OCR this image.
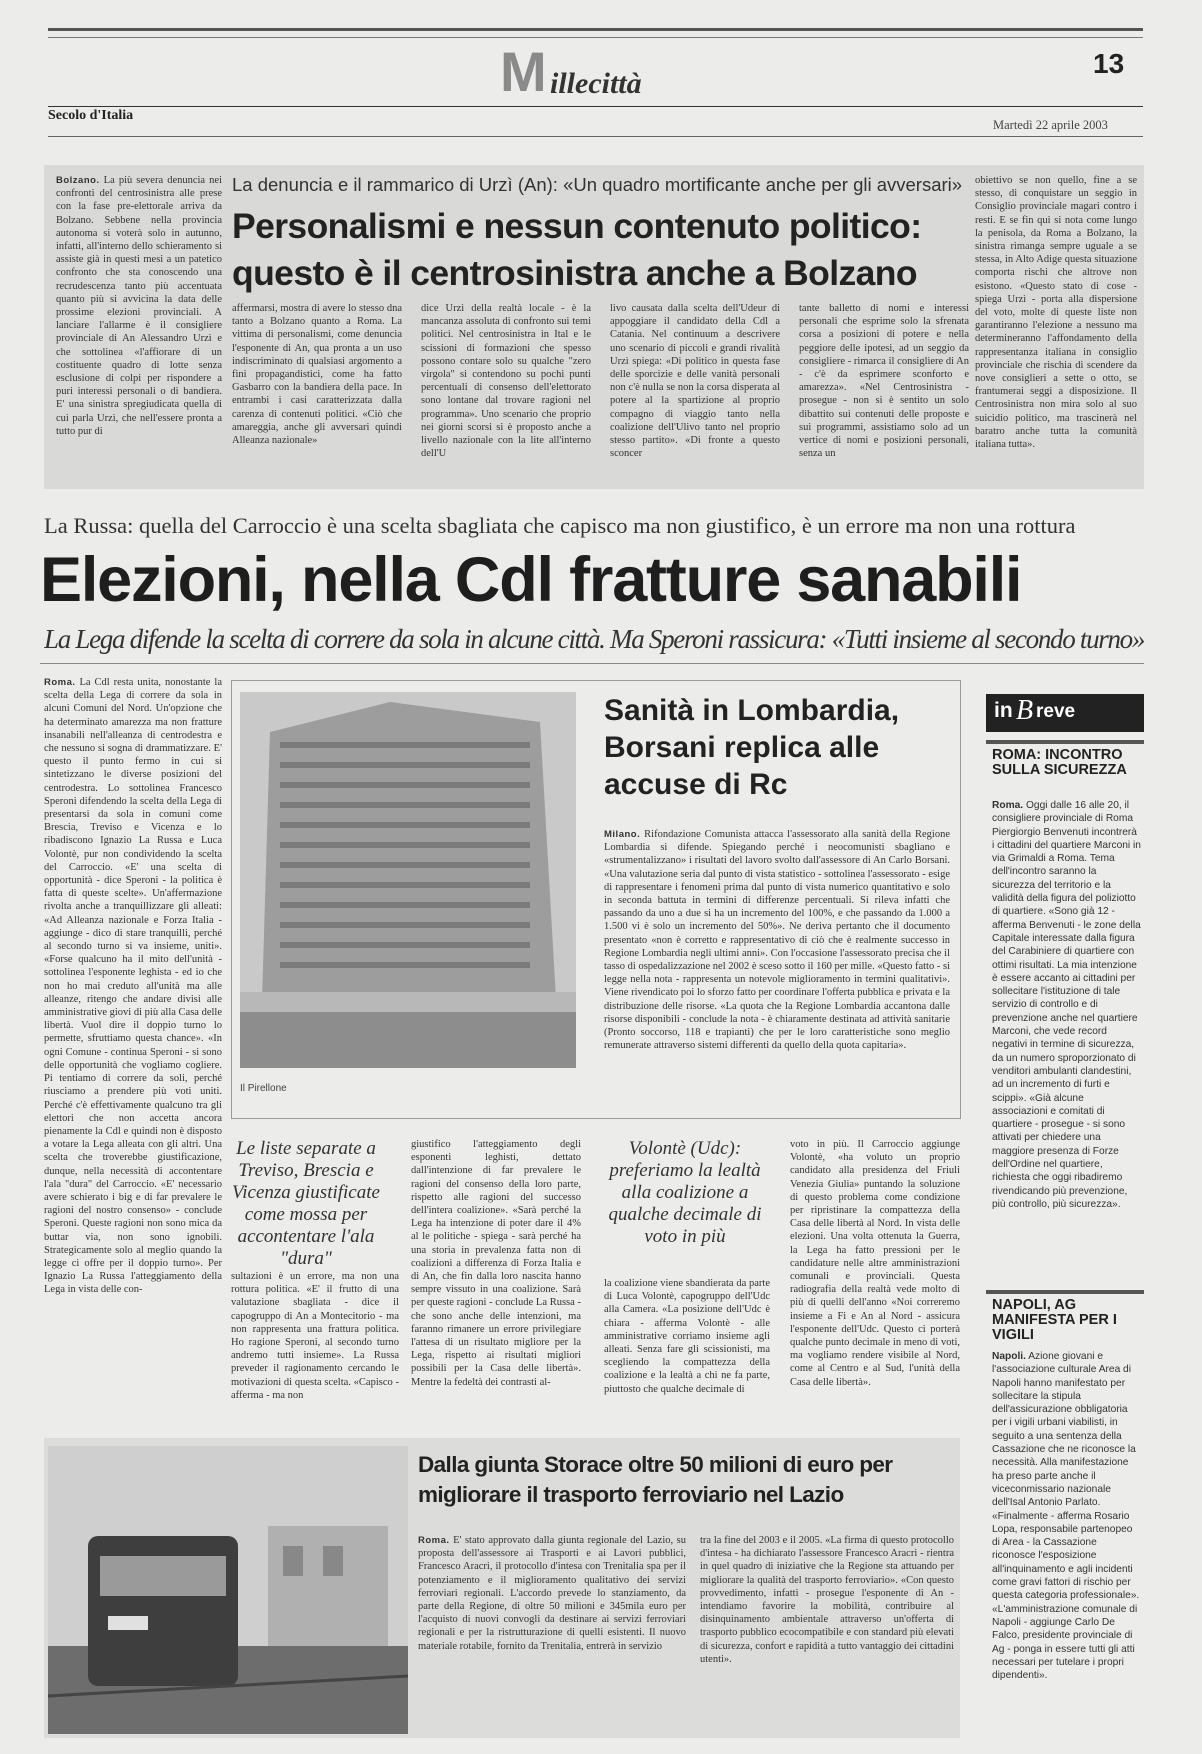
M illecittà
13
Secolo d'Italia
Martedì 22 aprile 2003
Bolzano. La più severa denuncia nei confronti del centrosinistra alle prese con la fase pre-elettorale arriva da Bolzano. Sebbene nella provincia autonoma si voterà solo in autunno, infatti, all'interno dello schieramento si assiste già in questi mesi a un patetico confronto che sta conoscendo una recrudescenza tanto più accentuata quanto più si avvicina la data delle prossime elezioni provinciali. A lanciare l'allarme è il consigliere provinciale di An Alessandro Urzì e che sottolinea «l'affiorare di un costituente quadro di lotte senza esclusione di colpi per rispondere a puri interessi personali o di bandiera. E' una sinistra spregiudicata quella di cui parla Urzì, che nell'essere pronta a tutto pur di
La denuncia e il rammarico di Urzì (An): «Un quadro mortificante anche per gli avversari»
Personalismi e nessun contenuto politico: questo è il centrosinistra anche a Bolzano
affermarsi, mostra di avere lo stesso dna tanto a Bolzano quanto a Roma. La vittima di personalismi, come denuncia l'esponente di An, qua pronta a un uso indiscriminato di qualsiasi argomento a fini propagandistici, come ha fatto Gasbarro con la bandiera della pace. In entrambi i casi caratterizzata dalla carenza di contenuti politici. «Ciò che amareggia, anche gli avversari quindi Alleanza nazionale»
dice Urzì della realtà locale - è la mancanza assoluta di confronto sui temi politici. Nel centrosinistra in Ital e le scissioni di formazioni che spesso possono contare solo su qualche "zero virgola" si contendono su pochi punti percentuali di consenso dell'elettorato sono lontane dal trovare ragioni nel programma». Uno scenario che proprio nei giorni scorsi si è proposto anche a livello nazionale con la lite all'interno dell'U
livo causata dalla scelta dell'Udeur di appoggiare il candidato della Cdl a Catania. Nel continuum a descrivere uno scenario di piccoli e grandi rivalità Urzì spiega: «Di politico in questa fase delle sporcizie e delle vanità personali non c'è nulla se non la corsa disperata al potere al la spartizione al proprio compagno di viaggio tanto nella coalizione dell'Ulivo tanto nel proprio stesso partito». «Di fronte a questo sconcer
tante balletto di nomi e interessi personali che esprime solo la sfrenata corsa a posizioni di potere e nella peggiore delle ipotesi, ad un seggio da consigliere - rimarca il consigliere di An - c'è da esprimere sconforto e amarezza». «Nel Centrosinistra - prosegue - non si è sentito un solo dibattito sui contenuti delle proposte e sui programmi, assistiamo solo ad un vertice di nomi e posizioni personali, senza un
obiettivo se non quello, fine a se stesso, di conquistare un seggio in Consiglio provinciale magari contro i resti. E se fin qui si nota come lungo la penisola, da Roma a Bolzano, la sinistra rimanga sempre uguale a se stessa, in Alto Adige questa situazione comporta rischi che altrove non esistono. «Questo stato di cose - spiega Urzì - porta alla dispersione del voto, molte di queste liste non garantiranno l'elezione a nessuno ma determineranno l'affondamento della rappresentanza italiana in consiglio provinciale che rischia di scendere da nove consiglieri a sette o otto, se frantumerai seggi a disposizione. Il Centrosinistra non mira solo al suo suicidio politico, ma trascinerà nel baratro anche tutta la comunità italiana tutta».
La Russa: quella del Carroccio è una scelta sbagliata che capisco ma non giustifico, è un errore ma non una rottura
Elezioni, nella Cdl fratture sanabili
La Lega difende la scelta di correre da sola in alcune città. Ma Speroni rassicura: «Tutti insieme al secondo turno»
Roma. La Cdl resta unita, nonostante la scelta della Lega di correre da sola in alcuni Comuni del Nord. Un'opzione che ha determinato amarezza ma non fratture insanabili nell'alleanza di centrodestra e che nessuno si sogna di drammatizzare. E' questo il punto fermo in cui si sintetizzano le diverse posizioni del centrodestra. Lo sottolinea Francesco Speroni difendendo la scelta della Lega di presentarsi da sola in comuni come Brescia, Treviso e Vicenza e lo ribadiscono Ignazio La Russa e Luca Volontè, pur non condividendo la scelta del Carroccio. «E' una scelta di opportunità - dice Speroni - la politica è fatta di queste scelte». Un'affermazione rivolta anche a tranquillizzare gli alleati: «Ad Alleanza nazionale e Forza Italia - aggiunge - dico di stare tranquilli, perché al secondo turno si va insieme, uniti». «Forse qualcuno ha il mito dell'unità - sottolinea l'esponente leghista - ed io che non ho mai creduto all'unità ma alle alleanze, ritengo che andare divisi alle amministrative giovi di più alla Casa delle libertà. Vuol dire il doppio turno lo permette, sfruttiamo questa chance». «In ogni Comune - continua Speroni - si sono delle opportunità che vogliamo cogliere. Pi tentiamo di correre da soli, perché riusciamo a prendere più voti uniti. Perché c'è effettivamente qualcuno tra gli elettori che non accetta ancora pienamente la Cdl e quindi non è disposto a votare la Lega alleata con gli altri. Una scelta che troverebbe giustificazione, dunque, nella necessità di accontentare l'ala "dura" del Carroccio. «E' necessario avere schierato i big e di far prevalere le ragioni del nostro consenso» - conclude Speroni. Queste ragioni non sono mica da buttar via, non sono ignobili. Strategicamente solo al meglio quando la legge ci offre per il doppio turno». Per Ignazio La Russa l'atteggiamento della Lega in vista delle con-
Il Pirellone
Sanità in Lombardia, Borsani replica alle accuse di Rc
Milano. Rifondazione Comunista attacca l'assessorato alla sanità della Regione Lombardia si difende. Spiegando perché i neocomunisti sbagliano e «strumentalizzano» i risultati del lavoro svolto dall'assessore di An Carlo Borsani. «Una valutazione seria dal punto di vista statistico - sottolinea l'assessorato - esige di rappresentare i fenomeni prima dal punto di vista numerico quantitativo e solo in seconda battuta in termini di differenze percentuali. Si rileva infatti che passando da uno a due si ha un incremento del 100%, e che passando da 1.000 a 1.500 vi è solo un incremento del 50%». Ne deriva pertanto che il documento presentato «non è corretto e rappresentativo di ciò che è realmente successo in Regione Lombardia negli ultimi anni». Con l'occasione l'assessorato precisa che il tasso di ospedalizzazione nel 2002 è sceso sotto il 160 per mille. «Questo fatto - si legge nella nota - rappresenta un notevole miglioramento in termini qualitativi». Viene rivendicato poi lo sforzo fatto per coordinare l'offerta pubblica e privata e la distribuzione delle risorse. «La quota che la Regione Lombardia accantona dalle risorse disponibili - conclude la nota - è chiaramente destinata ad attività sanitarie (Pronto soccorso, 118 e trapianti) che per le loro caratteristiche sono meglio remunerate attraverso sistemi differenti da quello della quota capitaria».
Le liste separate a Treviso, Brescia e Vicenza giustificate come mossa per accontentare l'ala "dura"
sultazioni è un errore, ma non una rottura politica. «E' il frutto di una valutazione sbagliata - dice il capogruppo di An a Montecitorio - ma non rappresenta una frattura politica. Ho ragione Speroni, al secondo turno andremo tutti insieme». La Russa preveder il ragionamento cercando le motivazioni di questa scelta. «Capisco - afferma - ma non
giustifico l'atteggiamento degli esponenti leghisti, dettato dall'intenzione di far prevalere le ragioni del consenso della loro parte, rispetto alle ragioni del successo dell'intera coalizione». «Sarà perché la Lega ha intenzione di poter dare il 4% al le politiche - spiega - sarà perché ha una storia in prevalenza fatta non di coalizioni a differenza di Forza Italia e di An, che fin dalla loro nascita hanno sempre vissuto in una coalizione. Sarà per queste ragioni - conclude La Russa - che sono anche delle intenzioni, ma faranno rimanere un errore privilegiare l'attesa di un risultato migliore per la Lega, rispetto ai risultati migliori possibili per la Casa delle libertà». Mentre la fedeltà dei contrasti al-
Volontè (Udc): preferiamo la lealtà alla coalizione a qualche decimale di voto in più
la coalizione viene sbandierata da parte di Luca Volontè, capogruppo dell'Udc alla Camera. «La posizione dell'Udc è chiara - afferma Volontè - alle amministrative corriamo insieme agli alleati. Senza fare gli scissionisti, ma scegliendo la compattezza della coalizione e la lealtà a chi ne fa parte, piuttosto che qualche decimale di
voto in più. Il Carroccio aggiunge Volontè, «ha voluto un proprio candidato alla presidenza del Friuli Venezia Giulia» puntando la soluzione di questo problema come condizione per ripristinare la compattezza della Casa delle libertà al Nord. In vista delle elezioni. Una volta ottenuta la Guerra, la Lega ha fatto pressioni per le candidature nelle altre amministrazioni comunali e provinciali. Questa radiografia della realtà vede molto di più di quelli dell'anno «Noi correremo insieme a Fi e An al Nord - assicura l'esponente dell'Udc. Questo ci porterà qualche punto decimale in meno di voti, ma vogliamo rendere visibile al Nord, come al Centro e al Sud, l'unità della Casa delle libertà».
Dalla giunta Storace oltre 50 milioni di euro per migliorare il trasporto ferroviario nel Lazio
Roma. E' stato approvato dalla giunta regionale del Lazio, su proposta dell'assessore ai Trasporti e ai Lavori pubblici, Francesco Aracri, il protocollo d'intesa con Trenitalia spa per il potenziamento e il miglioramento qualitativo dei servizi ferroviari regionali. L'accordo prevede lo stanziamento, da parte della Regione, di oltre 50 milioni e 345mila euro per l'acquisto di nuovi convogli da destinare ai servizi ferroviari regionali e per la ristrutturazione di quelli esistenti. Il nuovo materiale rotabile, fornito da Trenitalia, entrerà in servizio
tra la fine del 2003 e il 2005. «La firma di questo protocollo d'intesa - ha dichiarato l'assessore Francesco Aracri - rientra in quel quadro di iniziative che la Regione sta attuando per migliorare la qualità del trasporto ferroviario». «Con questo provvedimento, infatti - prosegue l'esponente di An - intendiamo favorire la mobilità, contribuire al disinquinamento ambientale attraverso un'offerta di trasporto pubblico ecocompatibile e con standard più elevati di sicurezza, confort e rapidità a tutto vantaggio dei cittadini utenti».
in B reve
ROMA: INCONTRO SULLA SICUREZZA
Roma. Oggi dalle 16 alle 20, il consigliere provinciale di Roma Piergiorgio Benvenuti incontrerà i cittadini del quartiere Marconi in via Grimaldi a Roma. Tema dell'incontro saranno la sicurezza del territorio e la validità della figura del poliziotto di quartiere. «Sono già 12 - afferma Benvenuti - le zone della Capitale interessate dalla figura del Carabiniere di quartiere con ottimi risultati. La mia intenzione è essere accanto ai cittadini per sollecitare l'istituzione di tale servizio di controllo e di prevenzione anche nel quartiere Marconi, che vede record negativi in termine di sicurezza, da un numero sproporzionato di venditori ambulanti clandestini, ad un incremento di furti e scippi». «Già alcune associazioni e comitati di quartiere - prosegue - si sono attivati per chiedere una maggiore presenza di Forze dell'Ordine nel quartiere, richiesta che oggi ribadiremo rivendicando più prevenzione, più controllo, più sicurezza».
NAPOLI, AG MANIFESTA PER I VIGILI
Napoli. Azione giovani e l'associazione culturale Area di Napoli hanno manifestato per sollecitare la stipula dell'assicurazione obbligatoria per i vigili urbani viabilisti, in seguito a una sentenza della Cassazione che ne riconosce la necessità. Alla manifestazione ha preso parte anche il viceconmissario nazionale dell'Isal Antonio Parlato. «Finalmente - afferma Rosario Lopa, responsabile partenopeo di Area - la Cassazione riconosce l'esposizione all'inquinamento e agli incidenti come gravi fattori di rischio per questa categoria professionale». «L'amministrazione comunale di Napoli - aggiunge Carlo De Falco, presidente provinciale di Ag - ponga in essere tutti gli atti necessari per tutelare i propri dipendenti».
